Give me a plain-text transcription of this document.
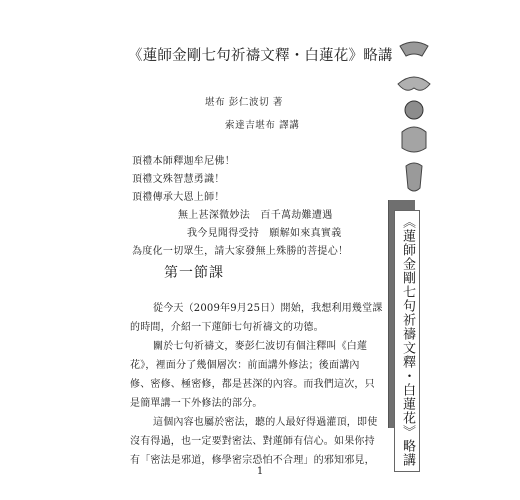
《蓮師金剛七句祈禱文釋・白蓮花》略講
堪布 彭仁波切 著
索達吉堪布 譯講
頂禮本師釋迦牟尼佛！
頂禮文殊智慧勇識！
頂禮傳承大恩上師！
無上甚深微妙法　百千萬劫難遭遇
我今見聞得受持　願解如來真實義
為度化一切眾生，請大家發無上殊勝的菩提心！
第一節課
從今天（2009年9月25日）開始，我想利用幾堂課
的時間，介紹一下蓮師七句祈禱文的功德。
關於七句祈禱文，麥彭仁波切有個注釋叫《白蓮
花》，裡面分了幾個層次：前面講外修法；後面講內
修、密修、極密修，都是甚深的內容。而我們這次，只
是簡單講一下外修法的部分。
這個內容也屬於密法，聽的人最好得過灌頂，即使
沒有得過，也一定要對密法、對蓮師有信心。如果你持
有「密法是邪道，修學密宗恐怕不合理」的邪知邪見，
1
《蓮師金剛七句祈禱文釋・白蓮花》略講
